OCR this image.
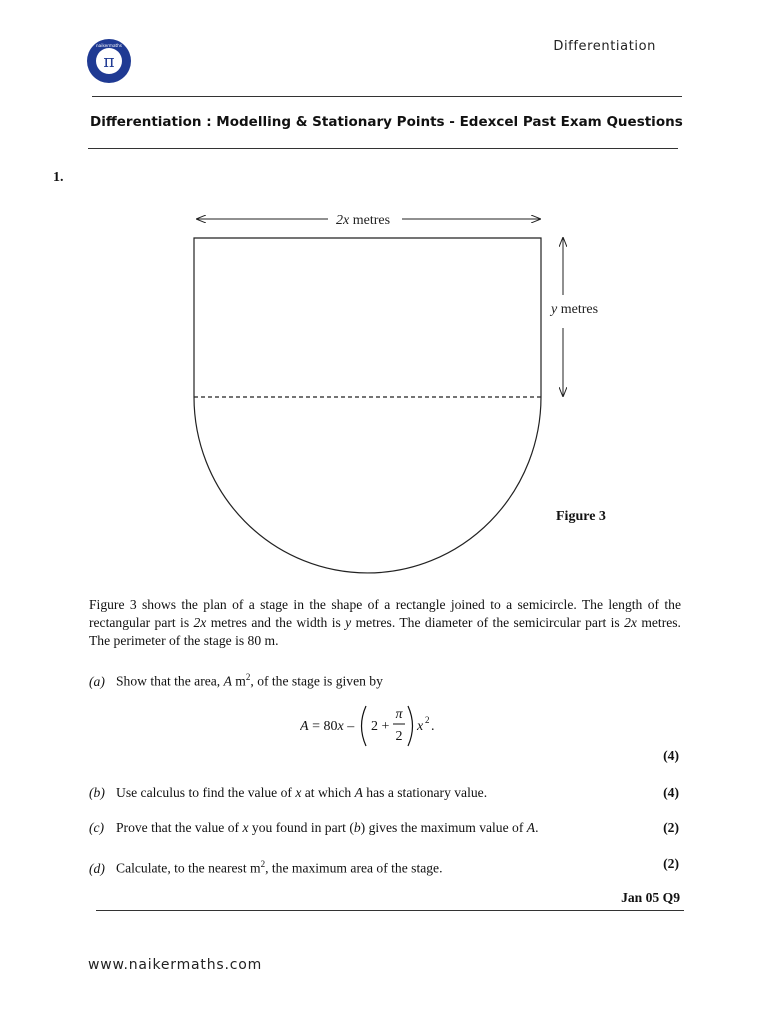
π
naikermaths	Differentiation
Differentiation : Modelling & Stationary Points - Edexcel Past Exam Questions
1.
2x metres
y metres
Figure 3
Figure 3 shows the plan of a stage in the shape of a rectangle joined to a semicircle. The length of the rectangular part is 2x metres and the width is y metres. The diameter of the semicircular part is 2x metres. The perimeter of the stage is 80 m.
(a) Show that the area, A $m^2$, of the stage is given by
A = 80x – 2 +
π
2
x 2 .
(4)
(b) Use calculus to find the value of x at which A has a stationary value.	(4)
(c) Prove that the value of x you found in part (b) gives the maximum value of A.	(2)
(d) Calculate, to the nearest $m^2$, the maximum area of the stage.	(2)
Jan 05 Q9
www.naikermaths.com
